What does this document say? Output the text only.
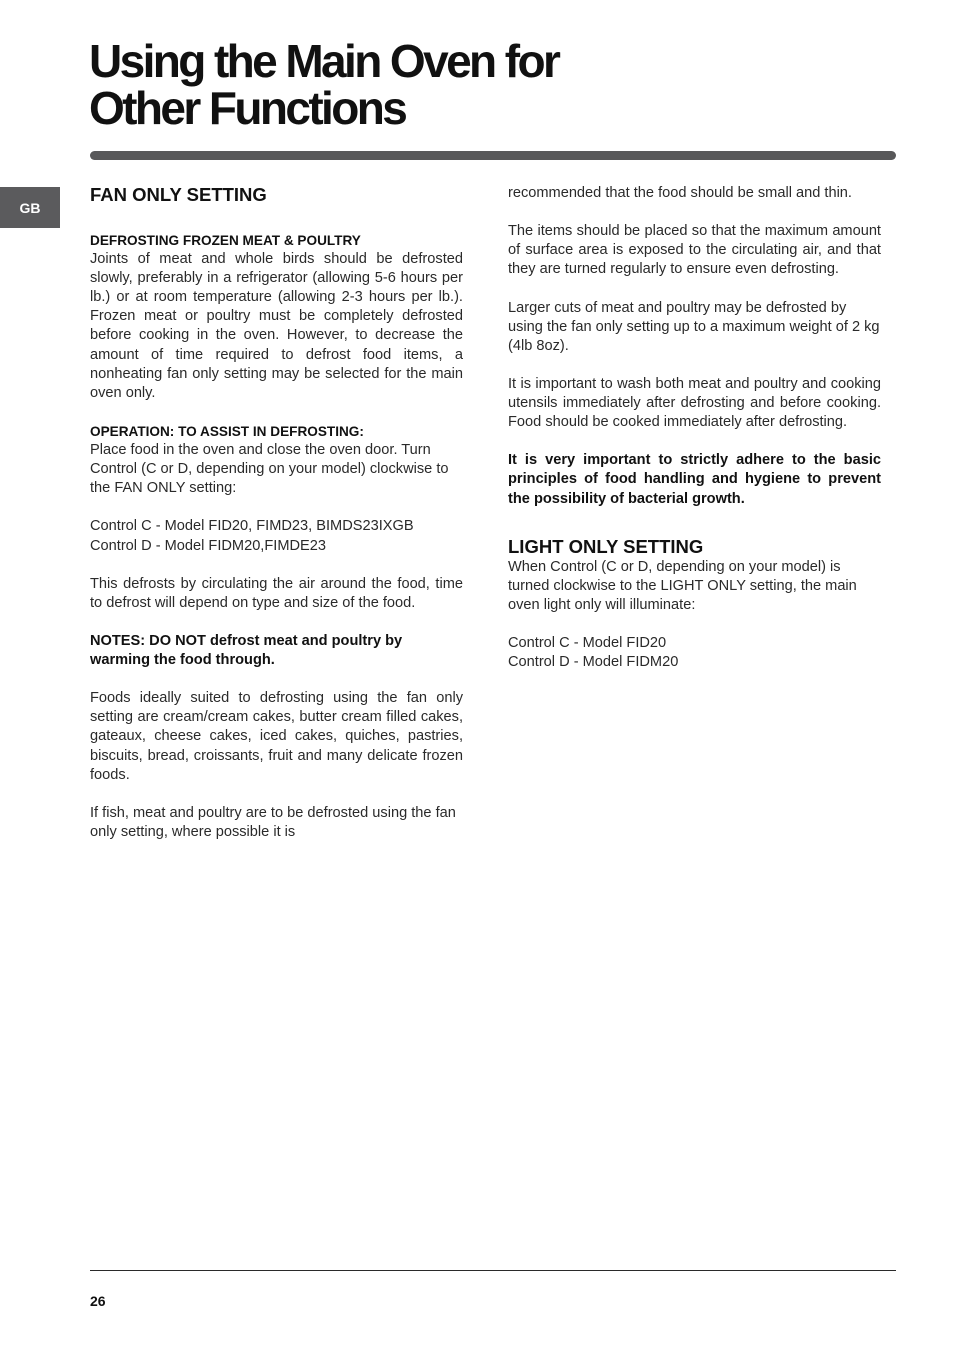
Using the Main Oven for
Other Functions
GB
FAN ONLY SETTING
DEFROSTING FROZEN MEAT & POULTRY

Joints of meat and whole birds should be defrosted slowly, preferably in a refrigerator (allowing 5-6 hours per lb.) or at room temperature (allowing 2-3 hours per lb.). Frozen meat or poultry must be completely defrosted before cooking in the oven. However, to decrease the amount of time required to defrost food items, a nonheating fan only setting may be selected for the main oven only.

OPERATION: TO ASSIST IN DEFROSTING:

Place food in the oven and close the oven door. Turn Control (C or D, depending on your model) clockwise to the FAN ONLY setting:

Control C - Model FID20, FIMD23, BIMDS23IXGB

Control D - Model FIDM20,FIMDE23

This defrosts by circulating the air around the food, time to defrost will depend on type and size of the food.

NOTES: DO NOT defrost meat and poultry by warming the food through.

Foods ideally suited to defrosting using the fan only setting are cream/cream cakes, butter cream filled cakes, gateaux, cheese cakes, iced cakes, quiches, pastries, biscuits, bread, croissants, fruit and many delicate frozen foods.

If fish, meat and poultry are to be defrosted using the fan only setting, where possible it is

recommended that the food should be small and thin.

The items should be placed so that the maximum amount of surface area is exposed to the circulating air, and that they are turned regularly to ensure even defrosting.

Larger cuts of meat and poultry may be defrosted by using the fan only setting up to a maximum weight of 2 kg (4lb 8oz).

It is important to wash both meat and poultry and cooking utensils immediately after defrosting and before cooking. Food should be cooked immediately after defrosting.

It is very important to strictly adhere to the basic principles of food handling and hygiene to prevent the possibility of bacterial growth.

LIGHT ONLY SETTING

When Control (C or D, depending on your model) is turned clockwise to the LIGHT ONLY setting, the main oven light only will illuminate:

Control C - Model FID20

Control D - Model FIDM20

26
